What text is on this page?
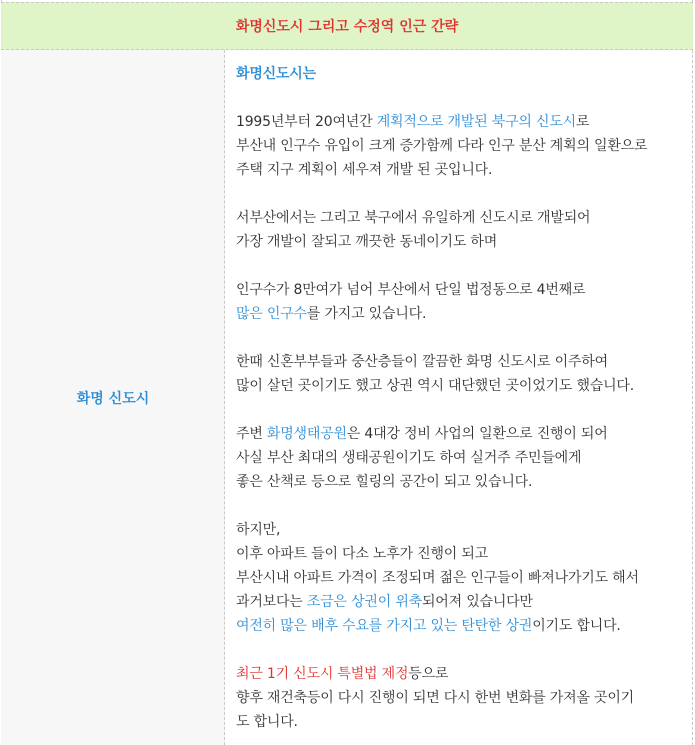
화명신도시 그리고 수정역 인근 간략
화명 신도시
화명신도시는
1995년부터 20여년간 계획적으로 개발된 북구의 신도시로
부산내 인구수 유입이 크게 증가함께 다라 인구 분산 계획의 일환으로
주택 지구 계획이 세우져 개발 된 곳입니다.
서부산에서는 그리고 북구에서 유일하게 신도시로 개발되어
가장 개발이 잘되고 깨끗한 동네이기도 하며
인구수가 8만여가 넘어 부산에서 단일 법정동으로 4번째로
많은 인구수를 가지고 있습니다.
한때 신혼부부들과 중산층들이 깔끔한 화명 신도시로 이주하여
많이 살던 곳이기도 했고 상권 역시 대단했던 곳이었기도 했습니다.
주변 화명생태공원은 4대강 정비 사업의 일환으로 진행이 되어
사실 부산 최대의 생태공원이기도 하여 실거주 주민들에게
좋은 산책로 등으로 힐링의 공간이 되고 있습니다.
하지만,
이후 아파트 들이 다소 노후가 진행이 되고
부산시내 아파트 가격이 조정되며 젊은 인구들이 빠져나가기도 해서
과거보다는 조금은 상권이 위축되어져 있습니다만
여전히 많은 배후 수요를 가지고 있는 탄탄한 상권이기도 합니다.
최근 1기 신도시 특별법 제정등으로
향후 재건축등이 다시 진행이 되면 다시 한번 변화를 가져올 곳이기
도 합니다.
